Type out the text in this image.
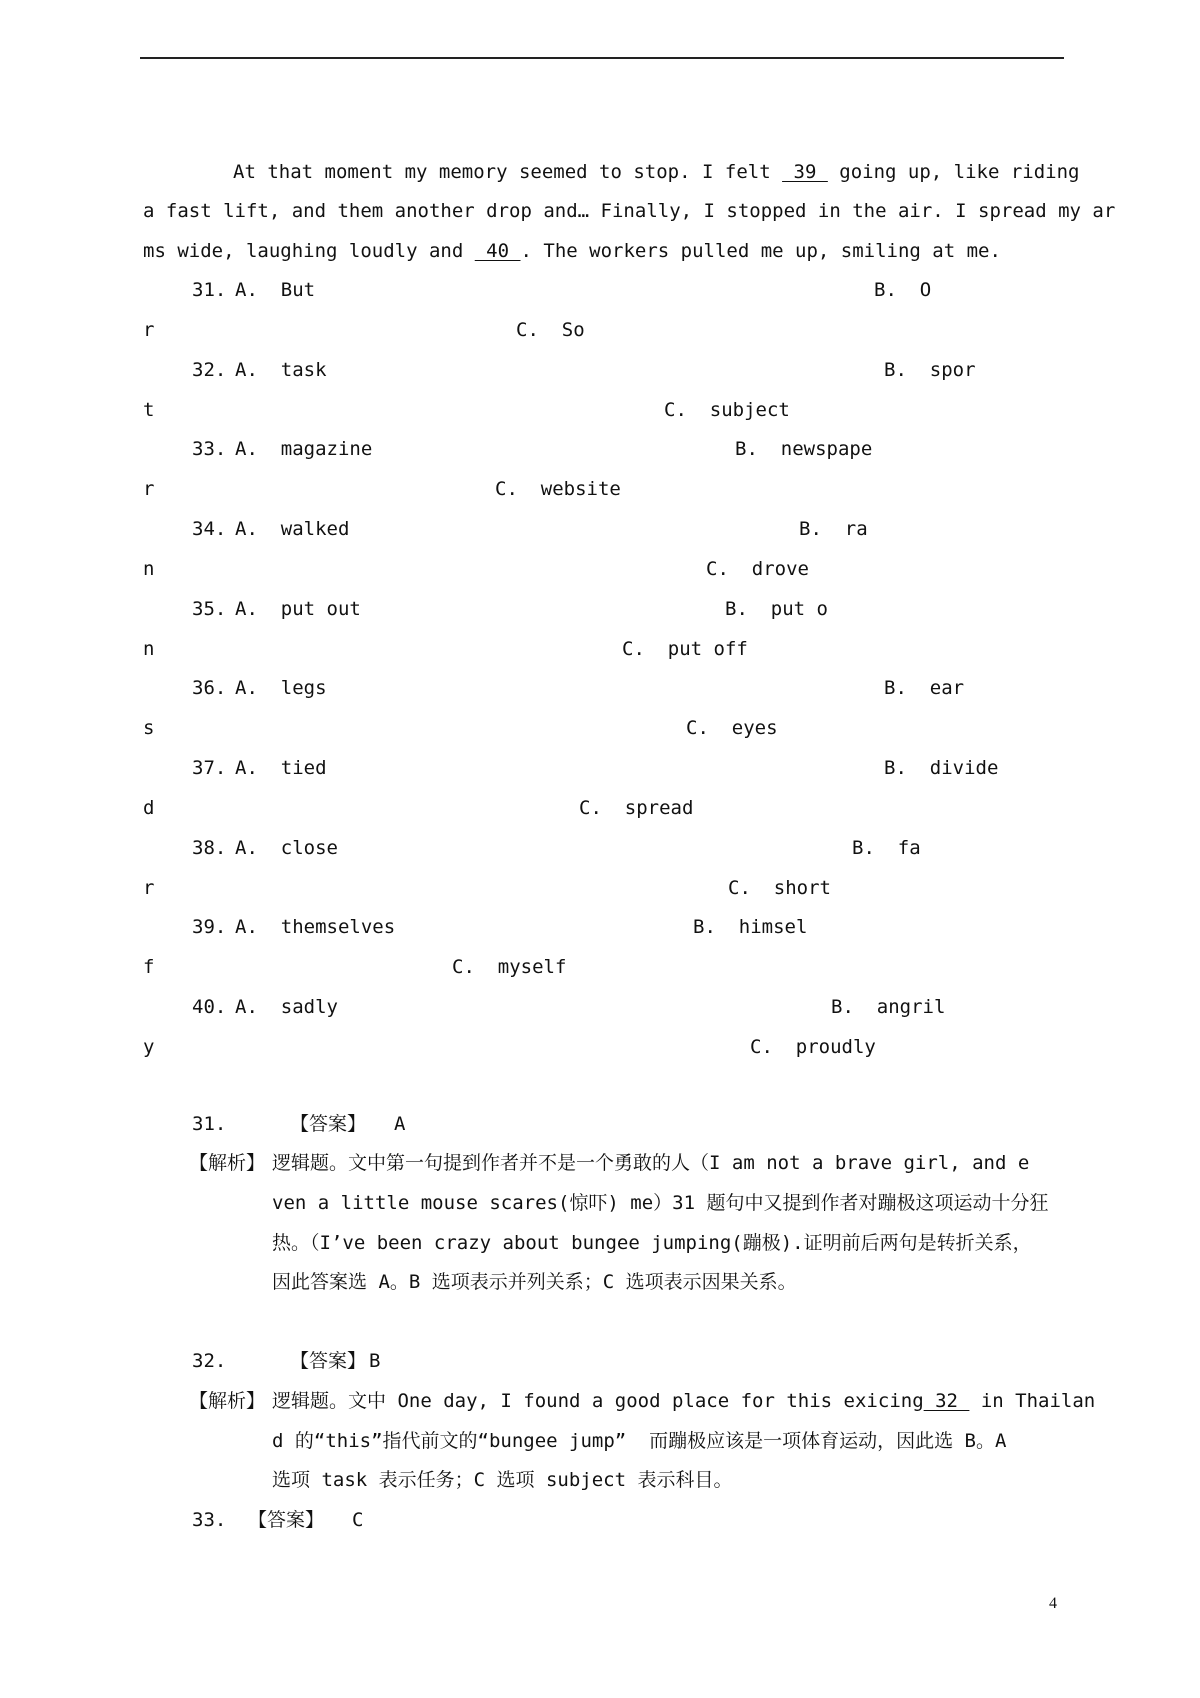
At that moment my memory seemed to stop. I felt  39  going up, like riding
a fast lift, and them another drop and… Finally, I stopped in the air. I spread my ar
ms wide, laughing loudly and  40 . The workers pulled me up, smiling at me.
31. A.  But	B.  O
r	C.  So
32. A.  task	B.  spor
t	C.  subject
33. A.  magazine	B.  newspape
r	C.  website
34. A.  walked	B.  ra
n	C.  drove
35. A.  put out	B.  put o
n	C.  put off
36. A.  legs	B.  ear
s	C.  eyes
37. A.  tied	B.  divide
d	C.  spread
38. A.  close	B.  fa
r	C.  short
39. A.  themselves	B.  himsel
f	C.  myself
40. A.  sadly	B.  angril
y	C.  proudly
31.	【答案】 A
【解析】 逻辑题。文中第一句提到作者并不是一个勇敢的人（I am not a brave girl, and e
ven a little mouse scares(惊吓) me）31 题句中又提到作者对蹦极这项运动十分狂
热。（I’ve been crazy about bungee jumping(蹦极).证明前后两句是转折关系，
因此答案选 A。B 选项表示并列关系；C 选项表示因果关系。
32.	【答案】 B
【解析】 逻辑题。文中 One day, I found a good place for this exicing 32  in Thailan
d 的“this”指代前文的“bungee jump”  而蹦极应该是一项体育运动，因此选 B。A
选项 task 表示任务；C 选项 subject 表示科目。
33. 【答案】 C
4
